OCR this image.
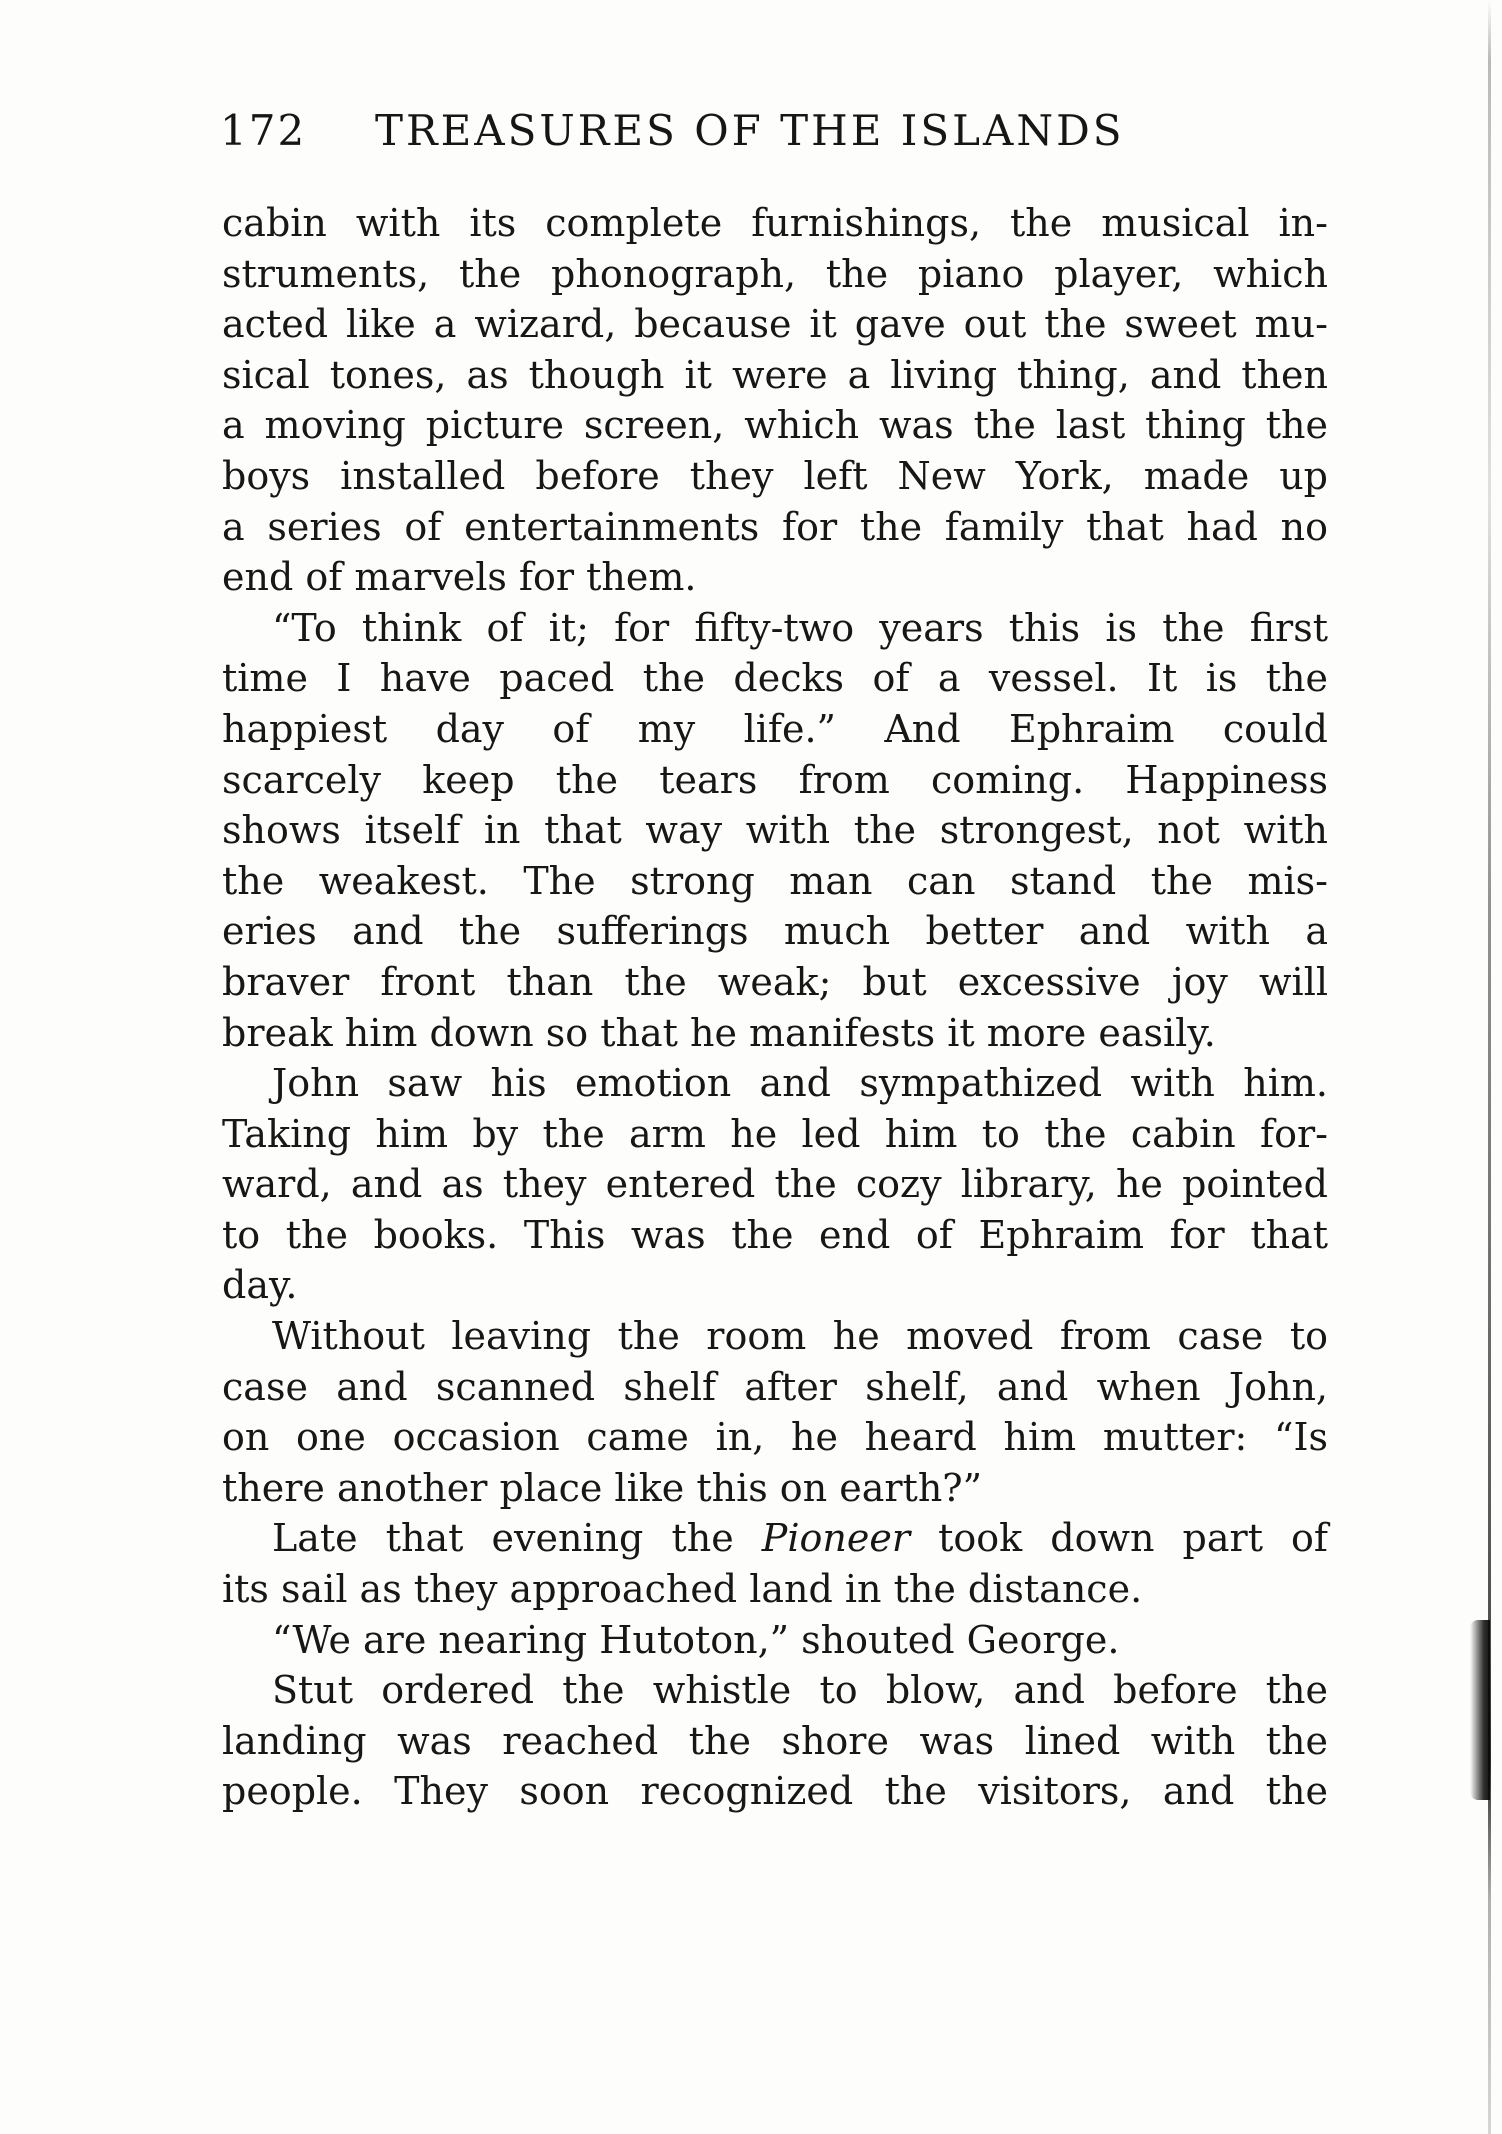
172 TREASURES OF THE ISLANDS
cabin with its complete furnishings, the musical in-
struments, the phonograph, the piano player, which
acted like a wizard, because it gave out the sweet mu-
sical tones, as though it were a living thing, and then
a moving picture screen, which was the last thing the
boys installed before they left New York, made up
a series of entertainments for the family that had no
end of marvels for them.
“To think of it; for fifty-two years this is the first
time I have paced the decks of a vessel. It is the
happiest day of my life.” And Ephraim could
scarcely keep the tears from coming. Happiness
shows itself in that way with the strongest, not with
the weakest. The strong man can stand the mis-
eries and the sufferings much better and with a
braver front than the weak; but excessive joy will
break him down so that he manifests it more easily.
John saw his emotion and sympathized with him.
Taking him by the arm he led him to the cabin for-
ward, and as they entered the cozy library, he pointed
to the books. This was the end of Ephraim for that
day.
Without leaving the room he moved from case to
case and scanned shelf after shelf, and when John,
on one occasion came in, he heard him mutter: “Is
there another place like this on earth?”
Late that evening the Pioneer took down part of
its sail as they approached land in the distance.
“We are nearing Hutoton,” shouted George.
Stut ordered the whistle to blow, and before the
landing was reached the shore was lined with the
people. They soon recognized the visitors, and the
